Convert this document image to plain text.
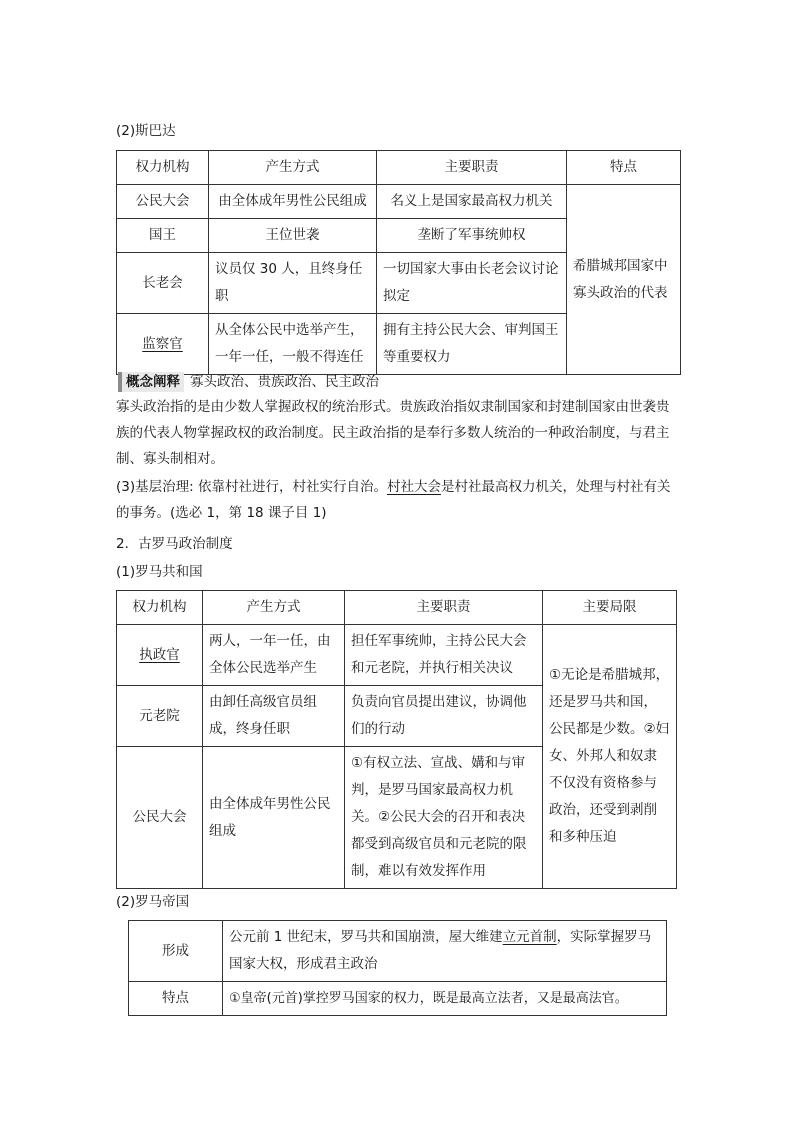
(2)斯巴达
权力机构	产生方式	主要职责	特点
公民大会	由全体成年男性公民组成	名义上是国家最高权力机关	希腊城邦国家中寡头政治的代表
国王	王位世袭	垄断了军事统帅权	
长老会	议员仅 30 人，且终身任职	一切国家大事由长老会议讨论拟定	
监察官	从全体公民中选举产生，一年一任，一般不得连任	拥有主持公民大会、审判国王等重要权力	
概念阐释 寡头政治、贵族政治、民主政治
寡头政治指的是由少数人掌握政权的统治形式。贵族政治指奴隶制国家和封建制国家由世袭贵族的代表人物掌握政权的政治制度。民主政治指的是奉行多数人统治的一种政治制度，与君主制、寡头制相对。
(3)基层治理: 依靠村社进行，村社实行自治。村社大会是村社最高权力机关，处理与村社有关的事务。(选必 1，第 18 课子目 1)
2．古罗马政治制度
(1)罗马共和国
权力机构	产生方式	主要职责	主要局限
执政官	两人，一年一任，由全体公民选举产生	担任军事统帅，主持公民大会和元老院，并执行相关决议	①无论是希腊城邦，还是罗马共和国，公民都是少数。②妇女、外邦人和奴隶不仅没有资格参与政治，还受到剥削和多种压迫
元老院	由卸任高级官员组成，终身任职	负责向官员提出建议，协调他们的行动	
公民大会	由全体成年男性公民组成	①有权立法、宣战、媾和与审判，是罗马国家最高权力机关。②公民大会的召开和表决都受到高级官员和元老院的限制，难以有效发挥作用	
(2)罗马帝国
形成	公元前 1 世纪末，罗马共和国崩溃，屋大维建立元首制，实际掌握罗马国家大权，形成君主政治
特点	①皇帝(元首)掌控罗马国家的权力，既是最高立法者，又是最高法官。
